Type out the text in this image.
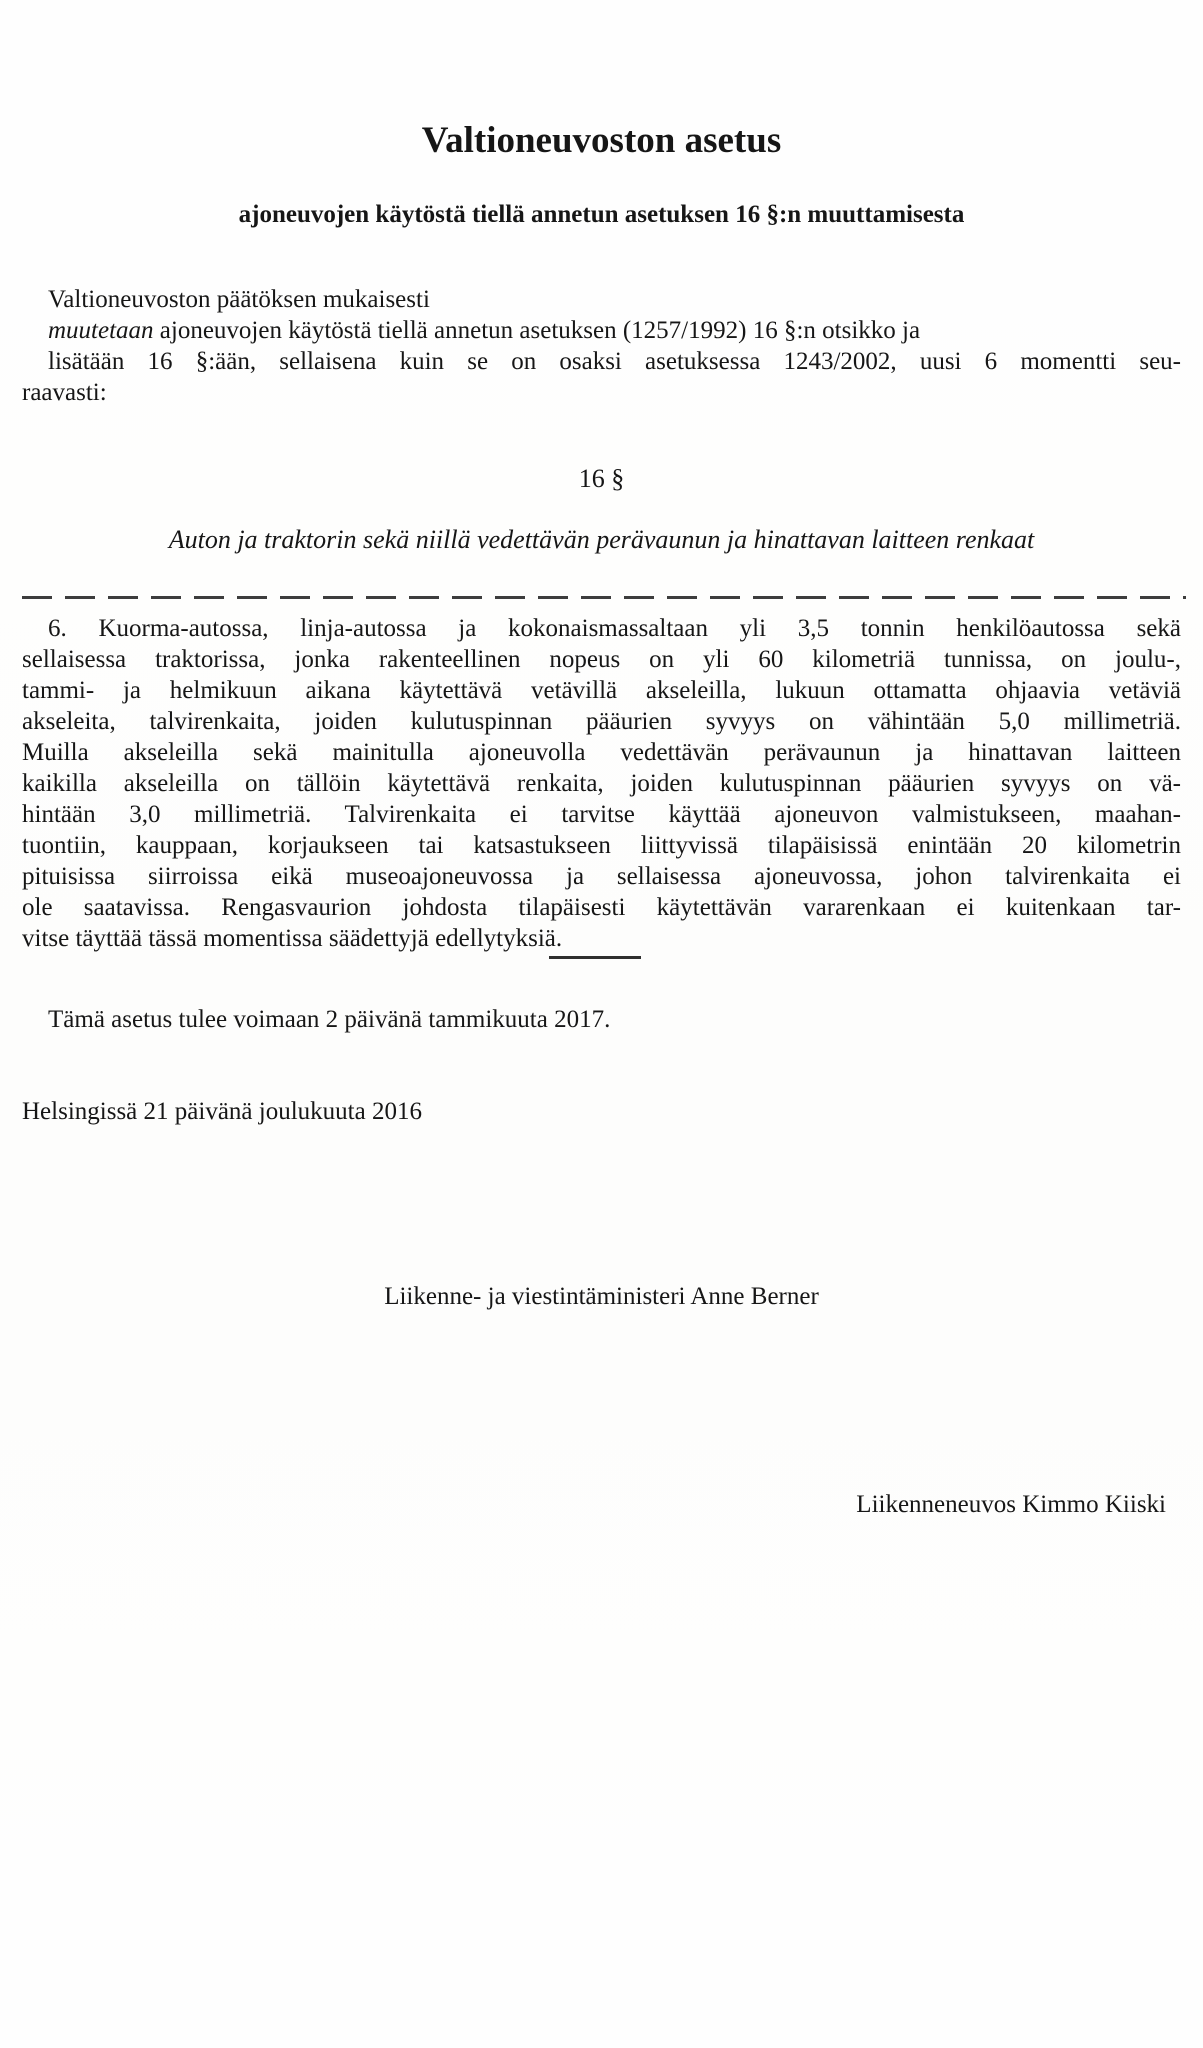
Valtioneuvoston asetus
ajoneuvojen käytöstä tiellä annetun asetuksen 16 §:n muuttamisesta
Valtioneuvoston päätöksen mukaisesti
muutetaan ajoneuvojen käytöstä tiellä annetun asetuksen (1257/1992) 16 §:n otsikko ja
lisätään 16 §:ään, sellaisena kuin se on osaksi asetuksessa 1243/2002, uusi 6 momentti seu-
raavasti:
16 §
Auton ja traktorin sekä niillä vedettävän perävaunun ja hinattavan laitteen renkaat
6. Kuorma-autossa, linja-autossa ja kokonaismassaltaan yli 3,5 tonnin henkilöautossa sekä
sellaisessa traktorissa, jonka rakenteellinen nopeus on yli 60 kilometriä tunnissa, on joulu-,
tammi- ja helmikuun aikana käytettävä vetävillä akseleilla, lukuun ottamatta ohjaavia vetäviä
akseleita, talvirenkaita, joiden kulutuspinnan pääurien syvyys on vähintään 5,0 millimetriä.
Muilla akseleilla sekä mainitulla ajoneuvolla vedettävän perävaunun ja hinattavan laitteen
kaikilla akseleilla on tällöin käytettävä renkaita, joiden kulutuspinnan pääurien syvyys on vä-
hintään 3,0 millimetriä. Talvirenkaita ei tarvitse käyttää ajoneuvon valmistukseen, maahan-
tuontiin, kauppaan, korjaukseen tai katsastukseen liittyvissä tilapäisissä enintään 20 kilometrin
pituisissa siirroissa eikä museoajoneuvossa ja sellaisessa ajoneuvossa, johon talvirenkaita ei
ole saatavissa. Rengasvaurion johdosta tilapäisesti käytettävän vararenkaan ei kuitenkaan tar-
vitse täyttää tässä momentissa säädettyjä edellytyksiä.
Tämä asetus tulee voimaan 2 päivänä tammikuuta 2017.
Helsingissä 21 päivänä joulukuuta 2016
Liikenne- ja viestintäministeri Anne Berner
Liikenneneuvos Kimmo Kiiski
